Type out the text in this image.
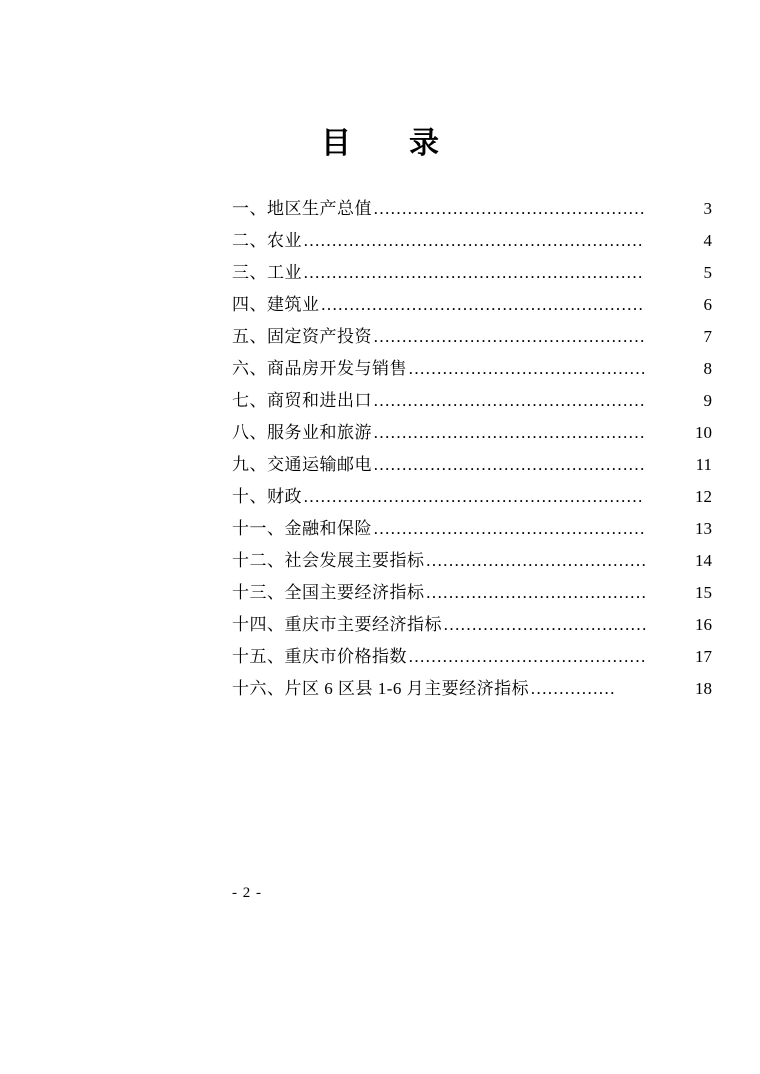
目　录
一、地区生产总值 …………………………………………	3
二、农业 ……………………………………………………	4
三、工业 ……………………………………………………	5
四、建筑业 …………………………………………………	6
五、固定资产投资 …………………………………………	7
六、商品房开发与销售 ……………………………………	8
七、商贸和进出口 …………………………………………	9
八、服务业和旅游 …………………………………………	10
九、交通运输邮电 …………………………………………	11
十、财政 ……………………………………………………	12
十一、金融和保险 …………………………………………	13
十二、社会发展主要指标 …………………………………	14
十三、全国主要经济指标 …………………………………	15
十四、重庆市主要经济指标 ………………………………	16
十五、重庆市价格指数 ……………………………………	17
十六、片区 6 区县 1-6 月主要经济指标 ……………	18
- 2 -
